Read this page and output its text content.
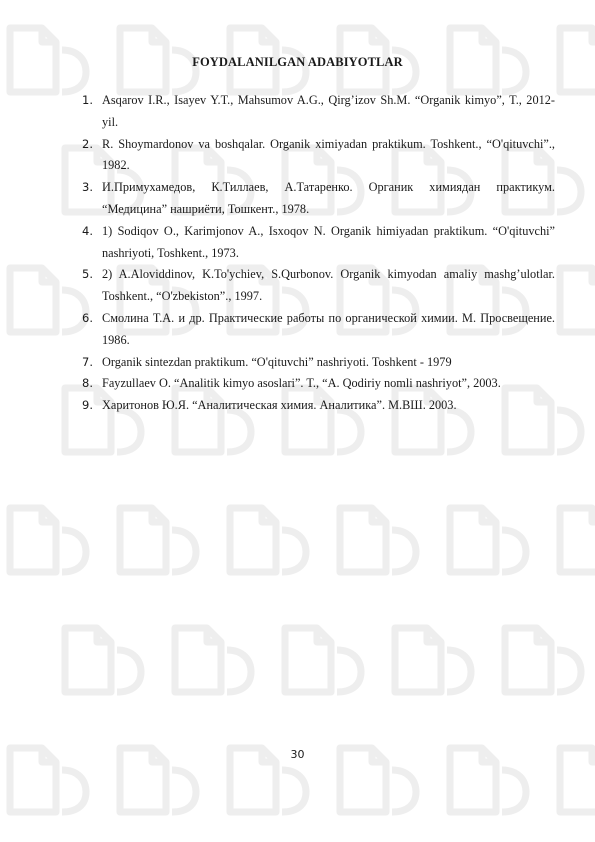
FOYDALANILGAN ADABIYOTLAR
1. Asqarov I.R., Isayev Y.T., Mahsumov A.G., Qirg’izov Sh.M. “Organik kimyo”, T., 2012-yil.
2. R. Shoymardonov va boshqalar. Organik ximiyadan praktikum. Toshkent., “O'qituvchi”., 1982.
3. И.Примухамедов, К.Тиллаев, А.Татаренко. Органик химиядан практикум. “Медицина” нашриёти, Тошкент., 1978.
4. 1) Sodiqov O., Karimjonov A., Isxoqov N. Organik himiyadan praktikum. “O'qituvchi” nashriyoti, Toshkent., 1973.
5. 2) A.Aloviddinov, K.To'ychiev, S.Qurbonov. Organik kimyodan amaliy mashg’ulotlar. Toshkent., “O'zbekiston”., 1997.
6. Смолина Т.А. и др. Практические работы по органической химии. М. Просвещение. 1986.
7. Organik sintezdan praktikum. “O'qituvchi” nashriyoti. Toshkent - 1979
8. Fayzullaev O. “Analitik kimyo asoslari”. T., “A. Qodiriy nomli nashriyot”, 2003.
9. Харитонов Ю.Я. “Аналитическая химия. Аналитика”. М.ВШ. 2003.
30
